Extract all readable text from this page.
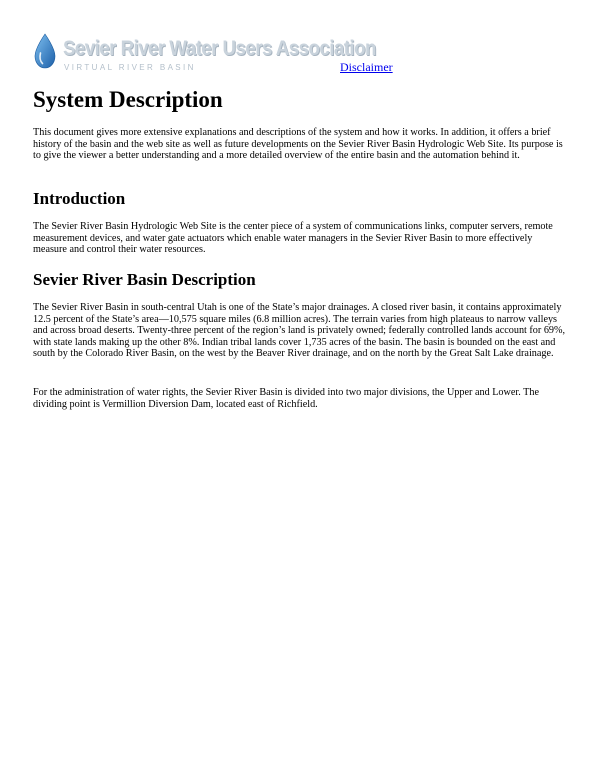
Sevier River Water Users Association
VIRTUAL RIVER BASIN	Disclaimer
System Description

This document gives more extensive explanations and descriptions of the system and how it works. In addition, it offers a brief history of the basin and the web site as well as future developments on the Sevier River Basin Hydrologic Web Site. Its purpose is to give the viewer a better understanding and a more detailed overview of the entire basin and the automation behind it.

Introduction

The Sevier River Basin Hydrologic Web Site is the center piece of a system of communications links, computer servers, remote measurement devices, and water gate actuators which enable water managers in the Sevier River Basin to more effectively measure and control their water resources.

Sevier River Basin Description

The Sevier River Basin in south-central Utah is one of the State’s major drainages. A closed river basin, it contains approximately 12.5 percent of the State’s area—10,575 square miles (6.8 million acres). The terrain varies from high plateaus to narrow valleys and across broad deserts. Twenty-three percent of the region’s land is privately owned; federally controlled lands account for 69%, with state lands making up the other 8%. Indian tribal lands cover 1,735 acres of the basin. The basin is bounded on the east and south by the Colorado River Basin, on the west by the Beaver River drainage, and on the north by the Great Salt Lake drainage.

For the administration of water rights, the Sevier River Basin is divided into two major divisions, the Upper and Lower. The dividing point is Vermillion Diversion Dam, located east of Richfield.
